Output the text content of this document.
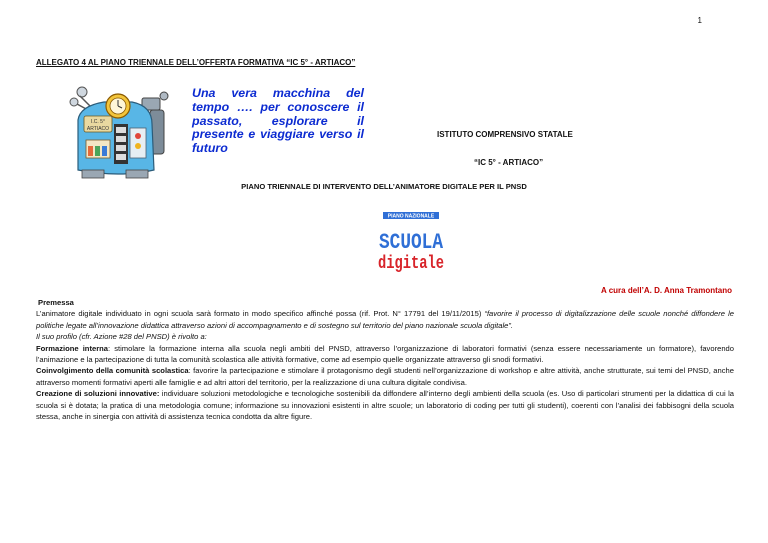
1
ALLEGATO 4 AL PIANO TRIENNALE DELL’OFFERTA FORMATIVA “IC 5° - ARTIACO”
I.C. 5°
ARTIACO
Una vera macchina del tempo …. per conoscere il passato, esplorare il presente e viaggiare verso il futuro
ISTITUTO COMPRENSIVO STATALE
“IC 5° - ARTIACO”
PIANO TRIENNALE DI INTERVENTO DELL’ANIMATORE DIGITALE PER IL PNSD
PIANO NAZIONALE
SCUOLA
digitale
A cura dell’A. D. Anna Tramontano

Premessa

L’animatore digitale individuato in ogni scuola sarà formato in modo specifico affinché possa (rif. Prot. N° 17791 del 19/11/2015) “favorire il processo di digitalizzazione delle scuole nonché diffondere le politiche legate all’innovazione didattica attraverso azioni di accompagnamento e di sostegno sul territorio del piano nazionale scuola digitale”.

Il suo profilo (cfr. Azione #28 del PNSD) è rivolto a:

Formazione interna: stimolare la formazione interna alla scuola negli ambiti del PNSD, attraverso l’organizzazione di laboratori formativi (senza essere necessariamente un formatore), favorendo l’animazione e la partecipazione di tutta la comunità scolastica alle attività formative, come ad esempio quelle organizzate attraverso gli snodi formativi.

Coinvolgimento della comunità scolastica: favorire la partecipazione e stimolare il protagonismo degli studenti nell’organizzazione di workshop e altre attività, anche strutturate, sui temi del PNSD, anche attraverso momenti formativi aperti alle famiglie e ad altri attori del territorio, per la realizzazione di una cultura digitale condivisa.

Creazione di soluzioni innovative: individuare soluzioni metodologiche e tecnologiche sostenibili da diffondere all’interno degli ambienti della scuola (es. Uso di particolari strumenti per la didattica di cui la scuola si è dotata; la pratica di una metodologia comune; informazione su innovazioni esistenti in altre scuole; un laboratorio di coding per tutti gli studenti), coerenti con l’analisi dei fabbisogni della scuola stessa, anche in sinergia con attività di assistenza tecnica condotta da altre figure.
